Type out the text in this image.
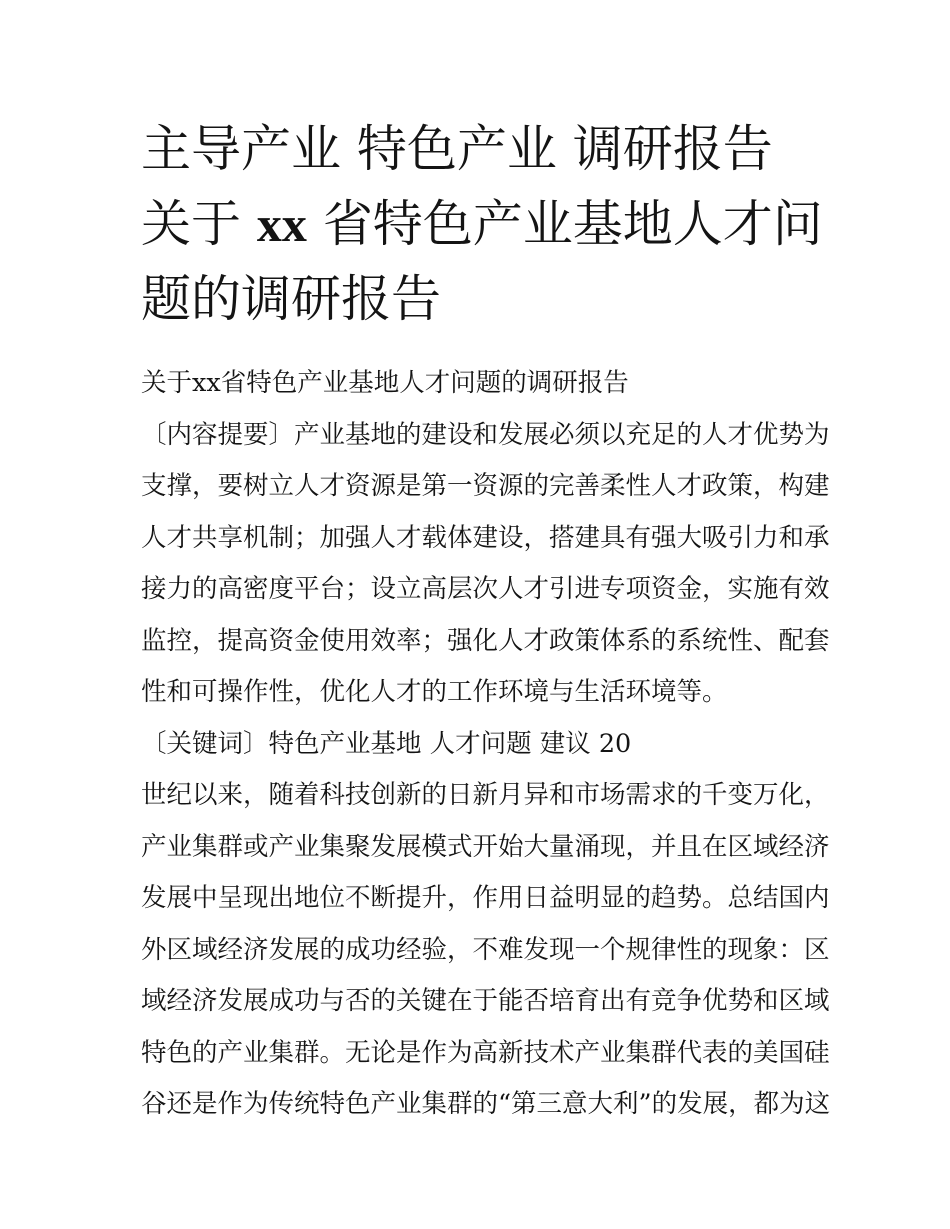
主导产业 特色产业 调研报告
关于 xx 省特色产业基地人才问
题的调研报告
关于xx省特色产业基地人才问题的调研报告
〔内容提要〕产业基地的建设和发展必须以充足的人才优势为
支撑，要树立人才资源是第一资源的完善柔性人才政策，构建
人才共享机制；加强人才载体建设，搭建具有强大吸引力和承
接力的高密度平台；设立高层次人才引进专项资金，实施有效
监控，提高资金使用效率；强化人才政策体系的系统性、配套
性和可操作性，优化人才的工作环境与生活环境等。
〔关键词〕特色产业基地 人才问题 建议 20
世纪以来，随着科技创新的日新月异和市场需求的千变万化，
产业集群或产业集聚发展模式开始大量涌现，并且在区域经济
发展中呈现出地位不断提升，作用日益明显的趋势。总结国内
外区域经济发展的成功经验，不难发现一个规律性的现象：区
域经济发展成功与否的关键在于能否培育出有竞争优势和区域
特色的产业集群。无论是作为高新技术产业集群代表的美国硅
谷还是作为传统特色产业集群的“第三意大利”的发展，都为这
